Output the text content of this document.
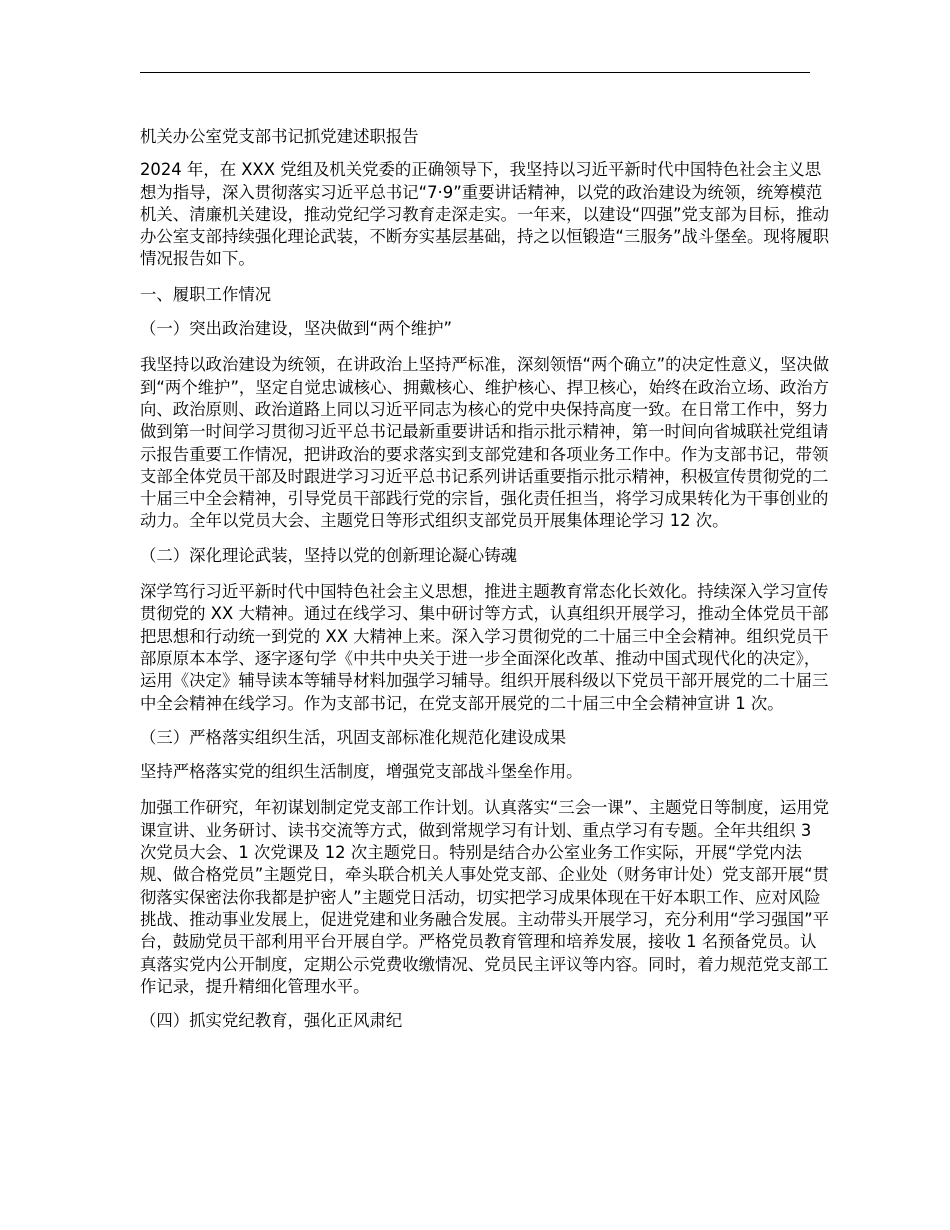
机关办公室党支部书记抓党建述职报告

2024 年，在 XXX 党组及机关党委的正确领导下，我坚持以习近平新时代中国特色社会主义思想为指导，深入贯彻落实习近平总书记“7·9”重要讲话精神，以党的政治建设为统领，统筹模范机关、清廉机关建设，推动党纪学习教育走深走实。一年来，以建设“四强”党支部为目标，推动办公室支部持续强化理论武装，不断夯实基层基础，持之以恒锻造“三服务”战斗堡垒。现将履职情况报告如下。

一、履职工作情况

（一）突出政治建设，坚决做到“两个维护”

我坚持以政治建设为统领，在讲政治上坚持严标准，深刻领悟“两个确立”的决定性意义，坚决做到“两个维护”，坚定自觉忠诚核心、拥戴核心、维护核心、捍卫核心，始终在政治立场、政治方向、政治原则、政治道路上同以习近平同志为核心的党中央保持高度一致。在日常工作中，努力做到第一时间学习贯彻习近平总书记最新重要讲话和指示批示精神，第一时间向省城联社党组请示报告重要工作情况，把讲政治的要求落实到支部党建和各项业务工作中。作为支部书记，带领支部全体党员干部及时跟进学习习近平总书记系列讲话重要指示批示精神，积极宣传贯彻党的二十届三中全会精神，引导党员干部践行党的宗旨，强化责任担当，将学习成果转化为干事创业的动力。全年以党员大会、主题党日等形式组织支部党员开展集体理论学习 12 次。

（二）深化理论武装，坚持以党的创新理论凝心铸魂

深学笃行习近平新时代中国特色社会主义思想，推进主题教育常态化长效化。持续深入学习宣传贯彻党的 XX 大精神。通过在线学习、集中研讨等方式，认真组织开展学习，推动全体党员干部把思想和行动统一到党的 XX 大精神上来。深入学习贯彻党的二十届三中全会精神。组织党员干部原原本本学、逐字逐句学《中共中央关于进一步全面深化改革、推动中国式现代化的决定》，运用《决定》辅导读本等辅导材料加强学习辅导。组织开展科级以下党员干部开展党的二十届三中全会精神在线学习。作为支部书记，在党支部开展党的二十届三中全会精神宣讲 1 次。

（三）严格落实组织生活，巩固支部标准化规范化建设成果

坚持严格落实党的组织生活制度，增强党支部战斗堡垒作用。

加强工作研究，年初谋划制定党支部工作计划。认真落实“三会一课”、主题党日等制度，运用党课宣讲、业务研讨、读书交流等方式，做到常规学习有计划、重点学习有专题。全年共组织 3 次党员大会、1 次党课及 12 次主题党日。特别是结合办公室业务工作实际，开展“学党内法规、做合格党员”主题党日，牵头联合机关人事处党支部、企业处（财务审计处）党支部开展“贯彻落实保密法你我都是护密人”主题党日活动，切实把学习成果体现在干好本职工作、应对风险挑战、推动事业发展上，促进党建和业务融合发展。主动带头开展学习，充分利用“学习强国”平台，鼓励党员干部利用平台开展自学。严格党员教育管理和培养发展，接收 1 名预备党员。认真落实党内公开制度，定期公示党费收缴情况、党员民主评议等内容。同时，着力规范党支部工作记录，提升精细化管理水平。

（四）抓实党纪教育，强化正风肃纪
